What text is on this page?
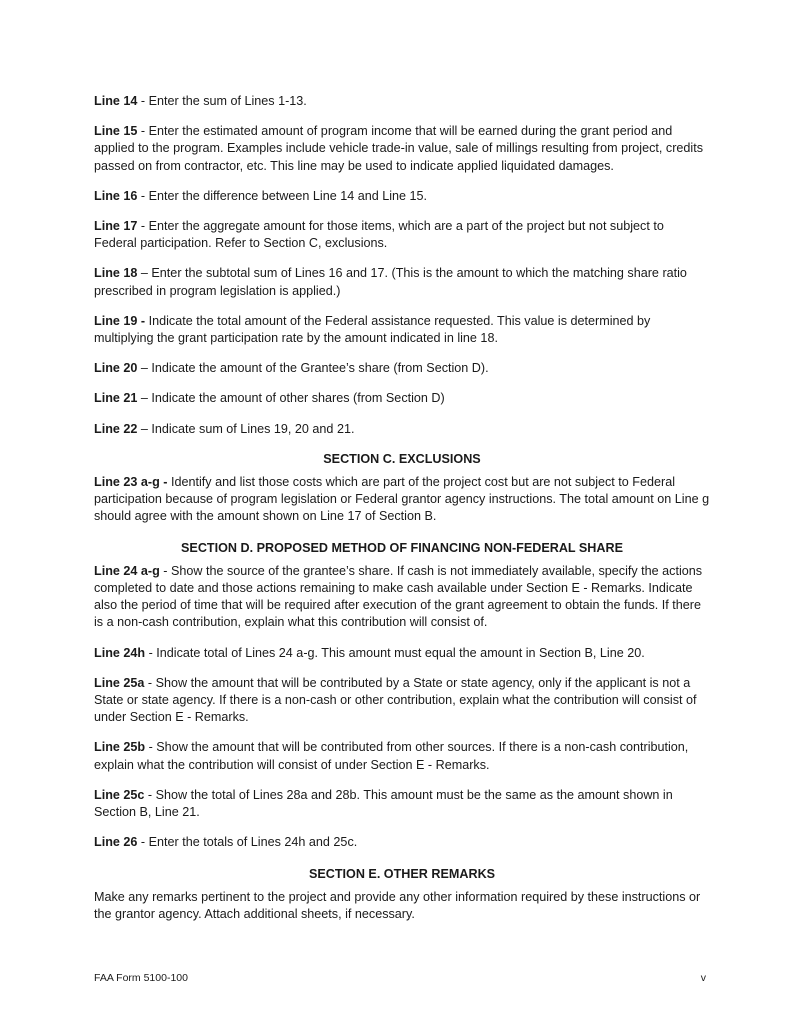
Line 14 - Enter the sum of Lines 1-13.

Line 15 - Enter the estimated amount of program income that will be earned during the grant period and applied to the program. Examples include vehicle trade-in value, sale of millings resulting from project, credits passed on from contractor, etc. This line may be used to indicate applied liquidated damages.

Line 16 - Enter the difference between Line 14 and Line 15.

Line 17 - Enter the aggregate amount for those items, which are a part of the project but not subject to Federal participation. Refer to Section C, exclusions.

Line 18 – Enter the subtotal sum of Lines 16 and 17. (This is the amount to which the matching share ratio prescribed in program legislation is applied.)

Line 19 - Indicate the total amount of the Federal assistance requested. This value is determined by multiplying the grant participation rate by the amount indicated in line 18.

Line 20 – Indicate the amount of the Grantee’s share (from Section D).

Line 21 – Indicate the amount of other shares (from Section D)

Line 22 – Indicate sum of Lines 19, 20 and 21.

SECTION C. EXCLUSIONS

Line 23 a-g - Identify and list those costs which are part of the project cost but are not subject to Federal participation because of program legislation or Federal grantor agency instructions. The total amount on Line g should agree with the amount shown on Line 17 of Section B.

SECTION D. PROPOSED METHOD OF FINANCING NON-FEDERAL SHARE

Line 24 a-g - Show the source of the grantee’s share. If cash is not immediately available, specify the actions completed to date and those actions remaining to make cash available under Section E - Remarks. Indicate also the period of time that will be required after execution of the grant agreement to obtain the funds. If there is a non-cash contribution, explain what this contribution will consist of.

Line 24h - Indicate total of Lines 24 a-g. This amount must equal the amount in Section B, Line 20.

Line 25a - Show the amount that will be contributed by a State or state agency, only if the applicant is not a State or state agency. If there is a non-cash or other contribution, explain what the contribution will consist of under Section E - Remarks.

Line 25b - Show the amount that will be contributed from other sources. If there is a non-cash contribution, explain what the contribution will consist of under Section E - Remarks.

Line 25c - Show the total of Lines 28a and 28b. This amount must be the same as the amount shown in Section B, Line 21.

Line 26 - Enter the totals of Lines 24h and 25c.

SECTION E. OTHER REMARKS

Make any remarks pertinent to the project and provide any other information required by these instructions or the grantor agency. Attach additional sheets, if necessary.

FAA Form 5100-100	v
